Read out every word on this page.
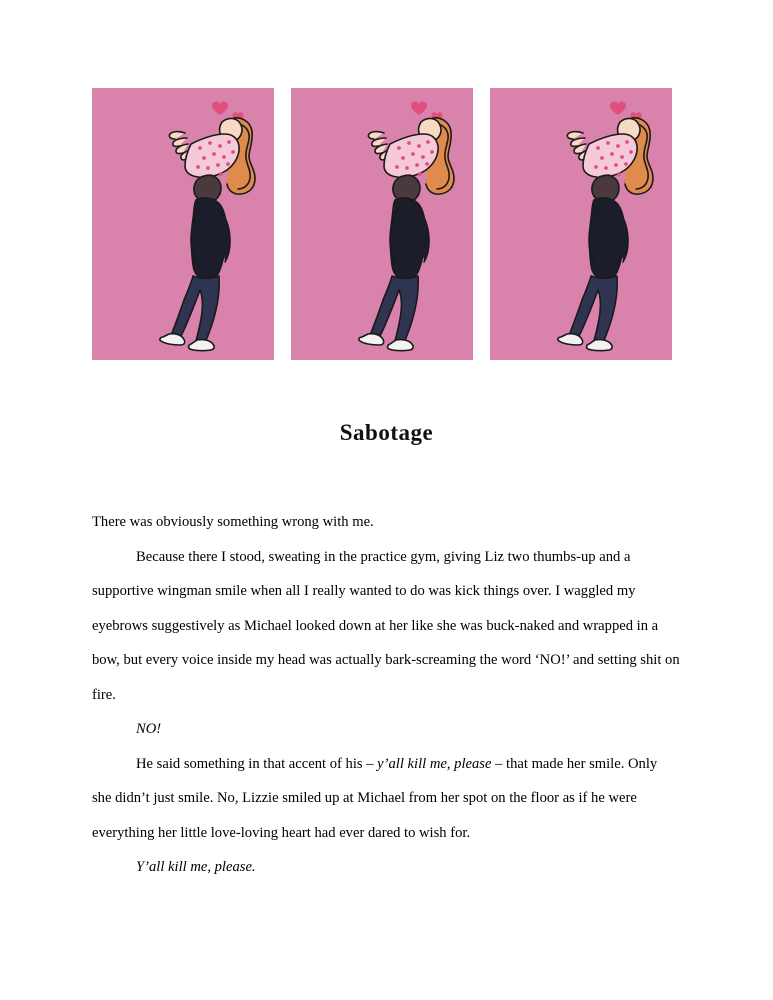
Sabotage

There was obviously something wrong with me.

Because there I stood, sweating in the practice gym, giving Liz two thumbs-up and a supportive wingman smile when all I really wanted to do was kick things over. I waggled my eyebrows suggestively as Michael looked down at her like she was buck-naked and wrapped in a bow, but every voice inside my head was actually bark-screaming the word ‘NO!’ and setting shit on fire.

NO!

He said something in that accent of his – y’all kill me, please – that made her smile. Only she didn’t just smile. No, Lizzie smiled up at Michael from her spot on the floor as if he were everything her little love-loving heart had ever dared to wish for.

Y’all kill me, please.
